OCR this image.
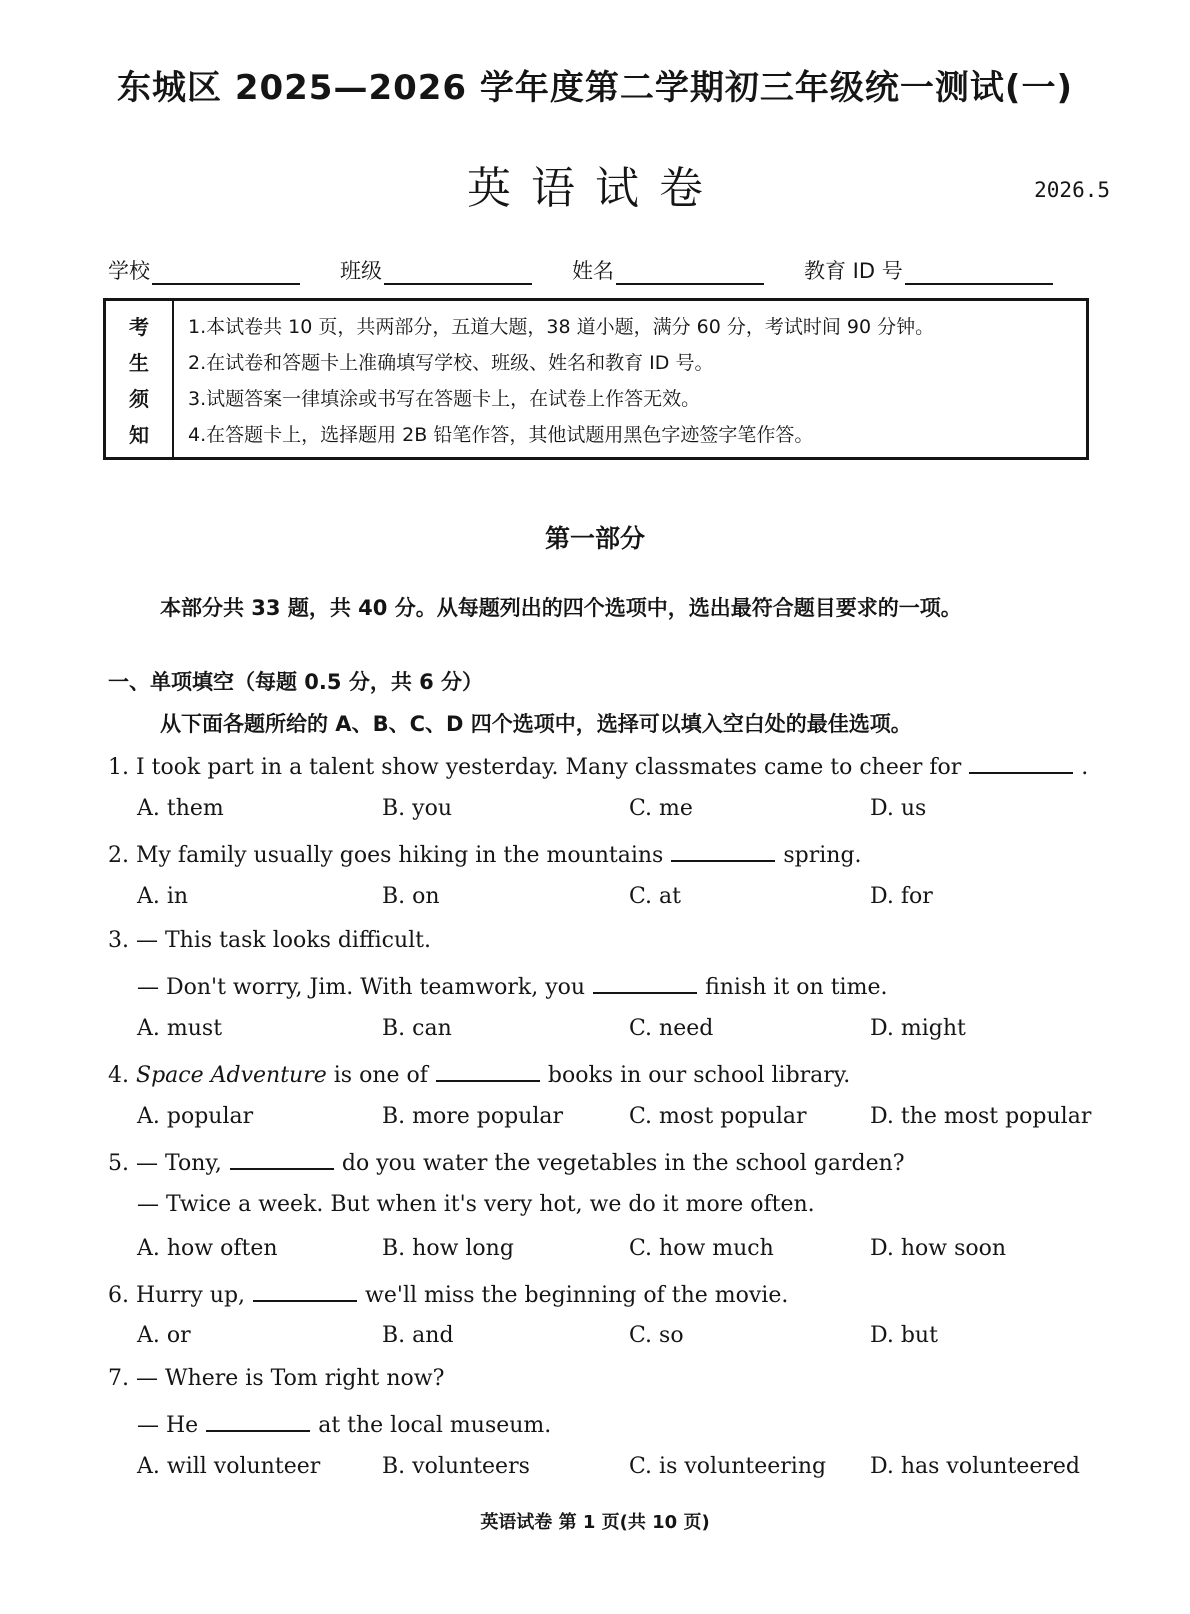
东城区 2025—2026 学年度第二学期初三年级统一测试(一)
英语试卷	2026.5
学校	班级	姓名	教育 ID 号
考
生
须
知
1.本试卷共 10 页，共两部分，五道大题，38 道小题，满分 60 分，考试时间 90 分钟。
2.在试卷和答题卡上准确填写学校、班级、姓名和教育 ID 号。
3.试题答案一律填涂或书写在答题卡上，在试卷上作答无效。
4.在答题卡上，选择题用 2B 铅笔作答，其他试题用黑色字迹签字笔作答。
第一部分
本部分共 33 题，共 40 分。从每题列出的四个选项中，选出最符合题目要求的一项。
一、单项填空（每题 0.5 分，共 6 分）
从下面各题所给的 A、B、C、D 四个选项中，选择可以填入空白处的最佳选项。
1. I took part in a talent show yesterday. Many classmates came to cheer for	.
A. them	B. you	C. me	D. us
2. My family usually goes hiking in the mountains	spring.
A. in	B. on	C. at	D. for
3. — This task looks difficult.
— Don't worry, Jim. With teamwork, you	finish it on time.
A. must	B. can	C. need	D. might
4. Space Adventure is one of	books in our school library.
A. popular	B. more popular	C. most popular	D. the most popular
5. — Tony,	do you water the vegetables in the school garden?
— Twice a week. But when it's very hot, we do it more often.
A. how often	B. how long	C. how much	D. how soon
6. Hurry up,	we'll miss the beginning of the movie.
A. or	B. and	C. so	D. but
7. — Where is Tom right now?
— He	at the local museum.
A. will volunteer	B. volunteers	C. is volunteering D. has volunteered
英语试卷 第 1 页(共 10 页)
